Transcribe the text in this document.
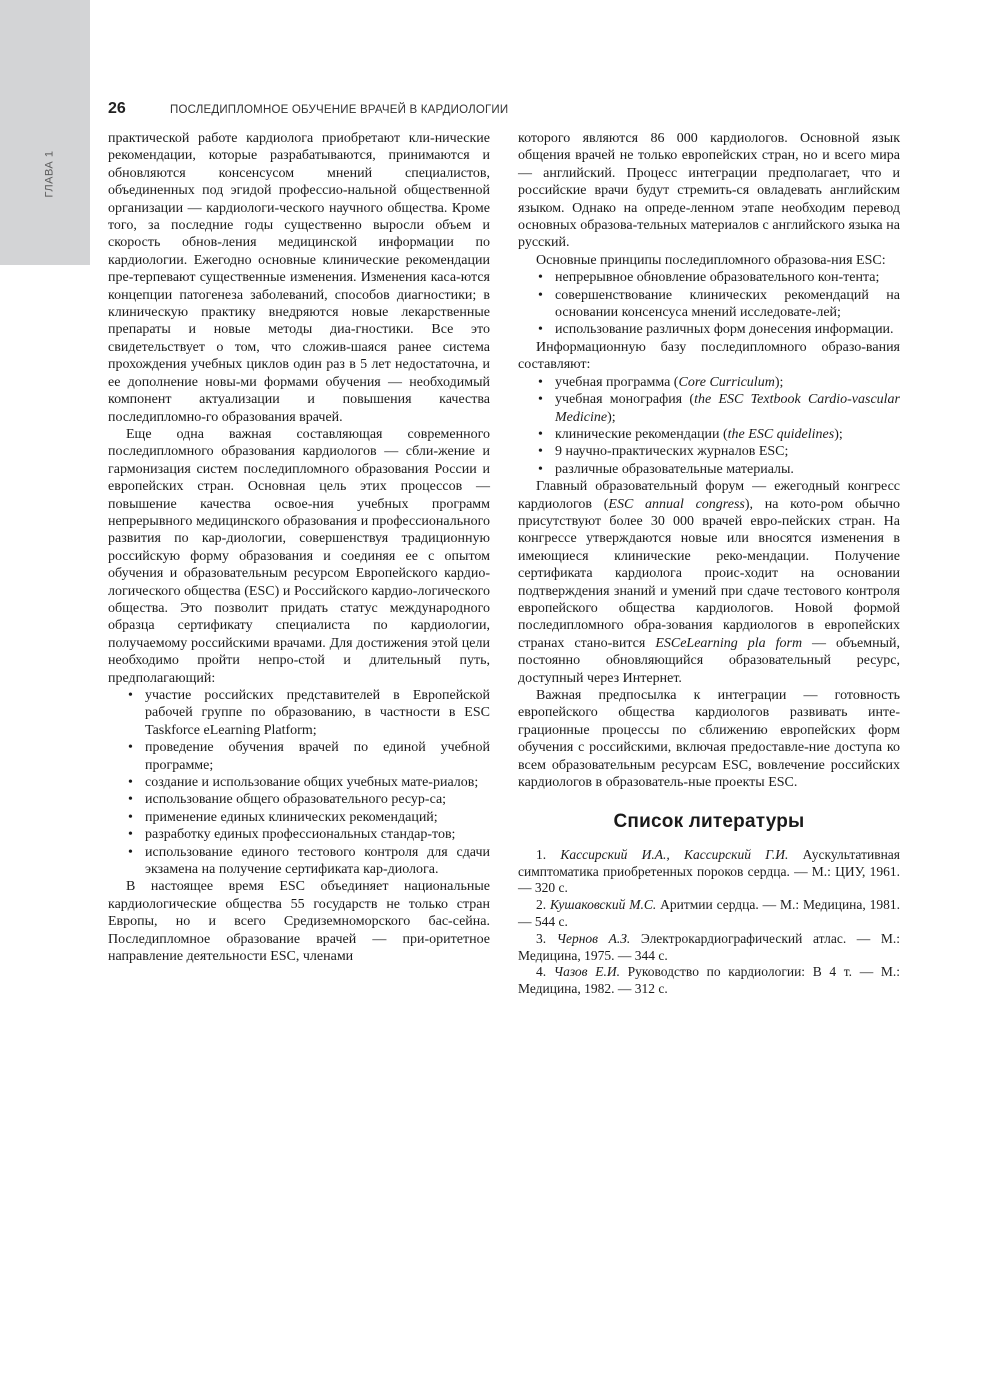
ГЛАВА 1
26	ПОСЛЕДИПЛОМНОЕ ОБУЧЕНИЕ ВРАЧЕЙ В КАРДИОЛОГИИ

практической работе кардиолога приобретают кли-нические рекомендации, которые разрабатываются, принимаются и обновляются консенсусом мнений специалистов, объединенных под эгидой профессио-нальной общественной организации — кардиологи-ческого научного общества. Кроме того, за последние годы существенно выросли объем и скорость обнов-ления медицинской информации по кардиологии. Ежегодно основные клинические рекомендации пре-терпевают существенные изменения. Изменения каса-ются концепции патогенеза заболеваний, способов диагностики; в клиническую практику внедряются новые лекарственные препараты и новые методы диа-гностики. Все это свидетельствует о том, что сложив-шаяся ранее система прохождения учебных циклов один раз в 5 лет недостаточна, и ее дополнение новы-ми формами обучения — необходимый компонент актуализации и повышения качества последипломно-го образования врачей.

Еще одна важная составляющая современного последипломного образования кардиологов — сбли-жение и гармонизация систем последипломного образования России и европейских стран. Основная цель этих процессов — повышение качества освое-ния учебных программ непрерывного медицинского образования и профессионального развития по кар-диологии, совершенствуя традиционную российскую форму образования и соединяя ее с опытом обучения и образовательным ресурсом Европейского кардио-логического общества (ESC) и Российского кардио-логического общества. Это позволит придать статус международного образца сертификату специалиста по кардиологии, получаемому российскими врачами. Для достижения этой цели необходимо пройти непро-стой и длительный путь, предполагающий:

• участие российских представителей в Европейской рабочей группе по образованию, в частности в ESC Taskforce eLearning Platform;
• проведение обучения врачей по единой учебной программе;
• создание и использование общих учебных мате-риалов;
• использование общего образовательного ресур-са;
• применение единых клинических рекомендаций;
• разработку единых профессиональных стандар-тов;
• использование единого тестового контроля для сдачи экзамена на получение сертификата кар-диолога.

В настоящее время ESC объединяет национальные кардиологические общества 55 государств не только стран Европы, но и всего Средиземноморского бас-сейна. Последипломное образование врачей — при-оритетное направление деятельности ESC, членами

которого являются 86 000 кардиологов. Основной язык общения врачей не только европейских стран, но и всего мира — английский. Процесс интеграции предполагает, что и российские врачи будут стремить-ся овладевать английским языком. Однако на опреде-ленном этапе необходим перевод основных образова-тельных материалов с английского языка на русский.

Основные принципы последипломного образова-ния ESC:

• непрерывное обновление образовательного кон-тента;
• совершенствование клинических рекомендаций на основании консенсуса мнений исследовате-лей;
• использование различных форм донесения информации.

Информационную базу последипломного образо-вания составляют:

• учебная программа (Core Curriculum);
• учебная монография (the ESC Textbook Cardio-vascular Medicine);
• клинические рекомендации (the ESC quidelines);
• 9 научно-практических журналов ESC;
• различные образовательные материалы.

Главный образовательный форум — ежегодный конгресс кардиологов (ESC annual congress), на кото-ром обычно присутствуют более 30 000 врачей евро-пейских стран. На конгрессе утверждаются новые или вносятся изменения в имеющиеся клинические реко-мендации. Получение сертификата кардиолога проис-ходит на основании подтверждения знаний и умений при сдаче тестового контроля европейского общества кардиологов. Новой формой последипломного обра-зования кардиологов в европейских странах стано-вится ESCeLearning pla form — объемный, постоянно обновляющийся образовательный ресурс, доступный через Интернет.

Важная предпосылка к интеграции — готовность европейского общества кардиологов развивать инте-грационные процессы по сближению европейских форм обучения с российскими, включая предоставле-ние доступа ко всем образовательным ресурсам ESC, вовлечение российских кардиологов в образователь-ные проекты ESC.

Список литературы

1. Кассирский И.А., Кассирский Г.И. Аускультативная симптоматика приобретенных пороков сердца. — М.: ЦИУ, 1961. — 320 с.

2. Кушаковский М.С. Аритмии сердца. — М.: Медицина, 1981. — 544 с.

3. Чернов А.З. Электрокардиографический атлас. — М.: Медицина, 1975. — 344 с.

4. Чазов Е.И. Руководство по кардиологии: В 4 т. — М.: Медицина, 1982. — 312 с.
